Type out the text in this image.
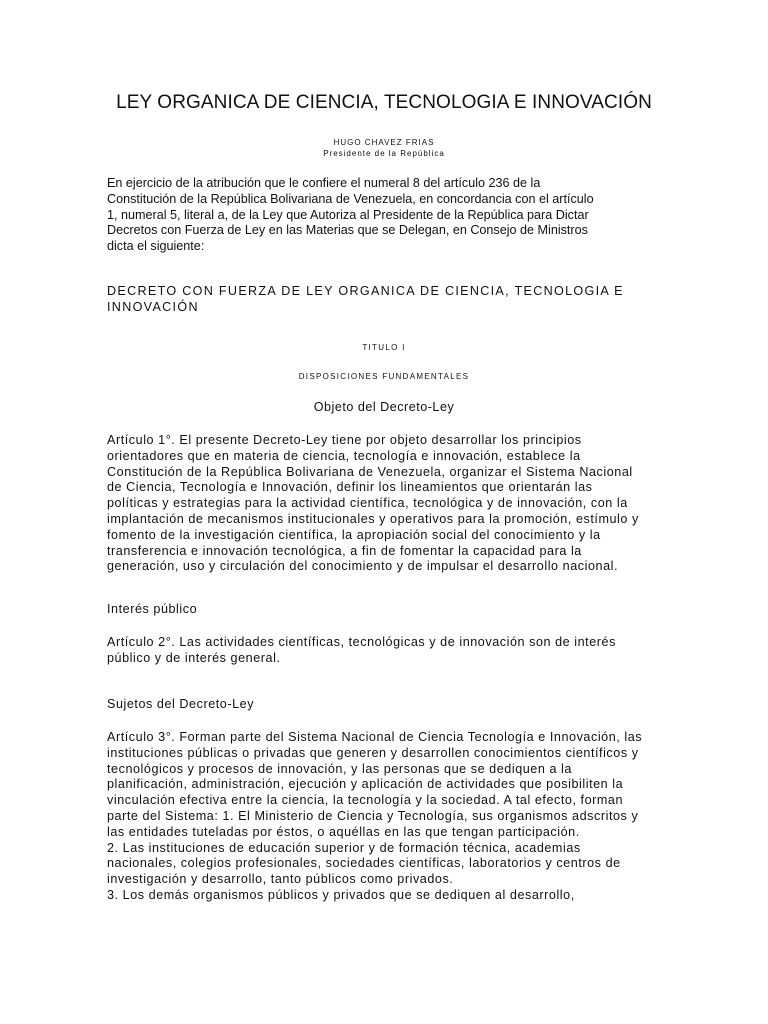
LEY ORGANICA DE CIENCIA, TECNOLOGIA E INNOVACIÓN
HUGO CHAVEZ FRIAS
Presidente de la República
En ejercicio de la atribución que le confiere el numeral 8 del artículo 236 de la
Constitución de la República Bolivariana de Venezuela, en concordancia con el artículo
1, numeral 5, literal a, de la Ley que Autoriza al Presidente de la República para Dictar
Decretos con Fuerza de Ley en las Materias que se Delegan, en Consejo de Ministros
dicta el siguiente:
DECRETO CON FUERZA DE LEY ORGANICA DE CIENCIA, TECNOLOGIA E
INNOVACIÓN
TITULO I
DISPOSICIONES FUNDAMENTALES
Objeto del Decreto-Ley
Artículo 1°. El presente Decreto-Ley tiene por objeto desarrollar los principios
orientadores que en materia de ciencia, tecnología e innovación, establece la
Constitución de la República Bolivariana de Venezuela, organizar el Sistema Nacional
de Ciencia, Tecnología e Innovación, definir los lineamientos que orientarán las
políticas y estrategias para la actividad científica, tecnológica y de innovación, con la
implantación de mecanismos institucionales y operativos para la promoción, estímulo y
fomento de la investigación científica, la apropiación social del conocimiento y la
transferencia e innovación tecnológica, a fin de fomentar la capacidad para la
generación, uso y circulación del conocimiento y de impulsar el desarrollo nacional.
Interés público
Artículo 2°. Las actividades científicas, tecnológicas y de innovación son de interés
público y de interés general.
Sujetos del Decreto-Ley
Artículo 3°. Forman parte del Sistema Nacional de Ciencia Tecnología e Innovación, las
instituciones públicas o privadas que generen y desarrollen conocimientos científicos y
tecnológicos y procesos de innovación, y las personas que se dediquen a la
planificación, administración, ejecución y aplicación de actividades que posibiliten la
vinculación efectiva entre la ciencia, la tecnología y la sociedad. A tal efecto, forman
parte del Sistema: 1. El Ministerio de Ciencia y Tecnología, sus organismos adscritos y
las entidades tuteladas por éstos, o aquéllas en las que tengan participación.
2. Las instituciones de educación superior y de formación técnica, academias
nacionales, colegios profesionales, sociedades científicas, laboratorios y centros de
investigación y desarrollo, tanto públicos como privados.
3. Los demás organismos públicos y privados que se dediquen al desarrollo,
